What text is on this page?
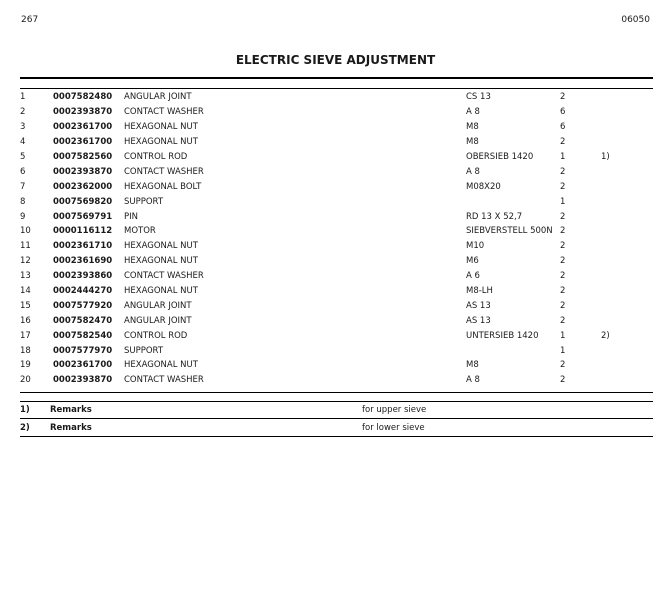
267	06050
ELECTRIC SIEVE ADJUSTMENT
1	0007582480	ANGULAR JOINT	CS 13	2	
2	0002393870	CONTACT WASHER	A 8	6	
3	0002361700	HEXAGONAL NUT	M8	6	
4	0002361700	HEXAGONAL NUT	M8	2	
5	0007582560	CONTROL ROD	OBERSIEB 1420	1	1)
6	0002393870	CONTACT WASHER	A 8	2	
7	0002362000	HEXAGONAL BOLT	M08X20	2	
8	0007569820	SUPPORT		1	
9	0007569791	PIN	RD 13 X 52,7	2	
10	0000116112	MOTOR	SIEBVERSTELL 500N	2	
11	0002361710	HEXAGONAL NUT	M10	2	
12	0002361690	HEXAGONAL NUT	M6	2	
13	0002393860	CONTACT WASHER	A 6	2	
14	0002444270	HEXAGONAL NUT	M8-LH	2	
15	0007577920	ANGULAR JOINT	AS 13	2	
16	0007582470	ANGULAR JOINT	AS 13	2	
17	0007582540	CONTROL ROD	UNTERSIEB 1420	1	2)
18	0007577970	SUPPORT		1	
19	0002361700	HEXAGONAL NUT	M8	2	
20	0002393870	CONTACT WASHER	A 8	2	
1)	Remarks	for upper sieve
2)	Remarks	for lower sieve
